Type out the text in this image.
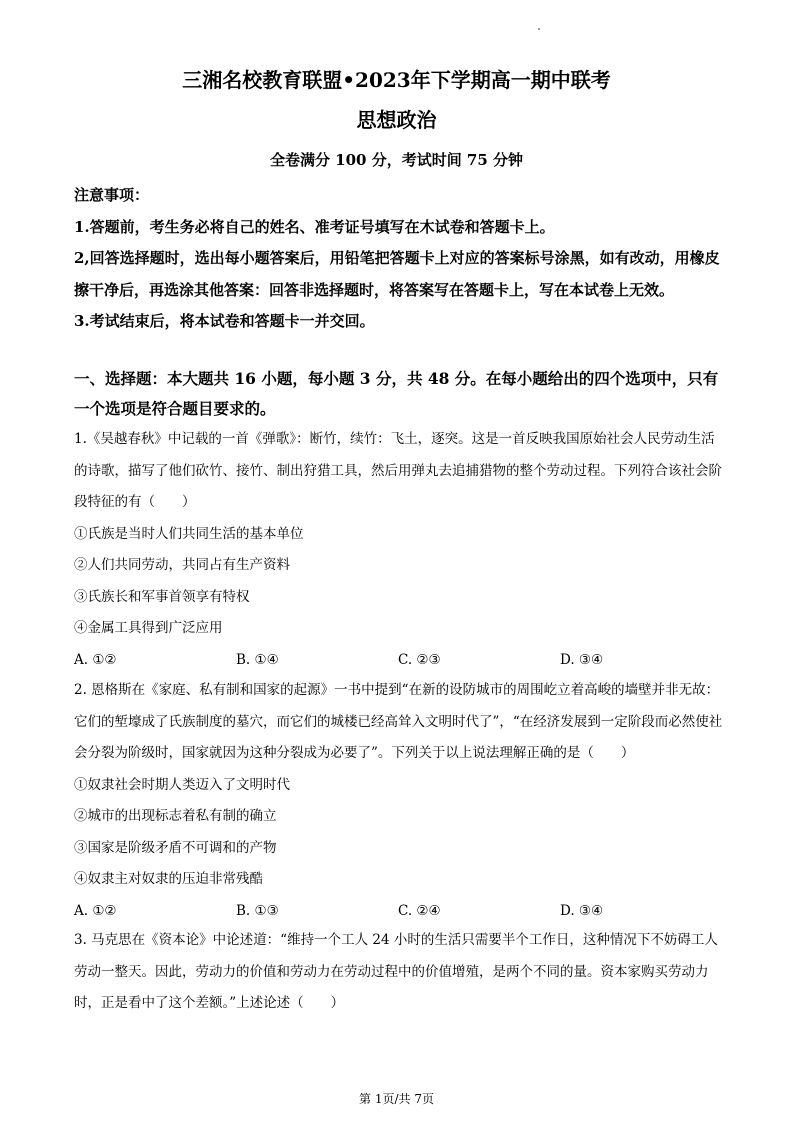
三湘名校教育联盟•2023年下学期高一期中联考
思想政治
全卷满分 100 分，考试时间 75 分钟

注意事项：

1.答题前，考生务必将自己的姓名、准考证号填写在木试卷和答题卡上。

2,回答选择题时，选出每小题答案后，用铅笔把答题卡上对应的答案标号涂黑，如有改动，用橡皮擦干净后，再选涂其他答案：回答非选择题时，将答案写在答题卡上，写在本试卷上无效。

3.考试结束后，将本试卷和答题卡一并交回。

一、选择题：本大题共 16 小题，每小题 3 分，共 48 分。在每小题给出的四个选项中，只有一个选项是符合题目要求的。

1.《吴越春秋》中记载的一首《弹歌》：断竹，续竹：飞土，逐突。这是一首反映我国原始社会人民劳动生活的诗歌，描写了他们砍竹、接竹、制出狩猎工具，然后用弹丸去追捕猎物的整个劳动过程。下列符合该社会阶段特征的有（　　）

①氏族是当时人们共同生活的基本单位

②人们共同劳动，共同占有生产资料

③氏族长和军事首领享有特权

④金属工具得到广泛应用

A. ①②	B. ①④	C. ②③	D. ③④

2. 恩格斯在《家庭、私有制和国家的起源》一书中提到“在新的设防城市的周围屹立着高峻的墙壁并非无故：它们的堑壕成了氏族制度的墓穴，而它们的城楼已经高耸入文明时代了”，“在经济发展到一定阶段而必然使社会分裂为阶级时，国家就因为这种分裂成为必要了”。下列关于以上说法理解正确的是（　　）

①奴隶社会时期人类迈入了文明时代

②城市的出现标志着私有制的确立

③国家是阶级矛盾不可调和的产物

④奴隶主对奴隶的压迫非常残酷

A. ①②	B. ①③	C. ②④	D. ③④

3. 马克思在《资本论》中论述道：“维持一个工人 24 小时的生活只需要半个工作日，这种情况下不妨碍工人劳动一整天。因此，劳动力的价值和劳动力在劳动过程中的价值增殖，是两个不同的量。资本家购买劳动力时，正是看中了这个差额。”上述论述（　　）

第 1页/共 7页
